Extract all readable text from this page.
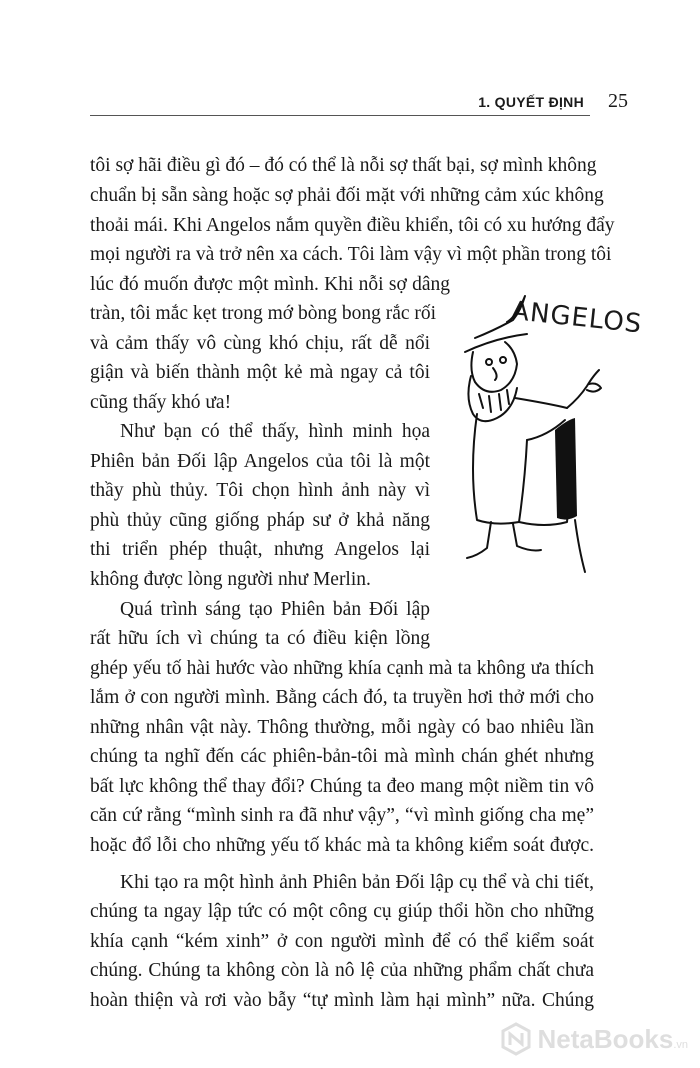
1. QUYẾT ĐỊNH 25
tôi sợ hãi điều gì đó – đó có thể là nỗi sợ thất bại, sợ mình không
chuẩn bị sẵn sàng hoặc sợ phải đối mặt với những cảm xúc không
thoải mái. Khi Angelos nắm quyền điều khiển, tôi có xu hướng đẩy
mọi người ra và trở nên xa cách. Tôi làm vậy vì một phần trong tôi
lúc đó muốn được một mình. Khi nỗi sợ dâng
tràn, tôi mắc kẹt trong mớ bòng bong rắc rối
và cảm thấy vô cùng khó chịu, rất dễ nổi
giận và biến thành một kẻ mà ngay cả tôi
cũng thấy khó ưa!
Như bạn có thể thấy, hình minh họa
Phiên bản Đối lập Angelos của tôi là một
thầy phù thủy. Tôi chọn hình ảnh này vì
phù thủy cũng giống pháp sư ở khả năng
thi triển phép thuật, nhưng Angelos lại
không được lòng người như Merlin.
Quá trình sáng tạo Phiên bản Đối lập
rất hữu ích vì chúng ta có điều kiện lồng
ghép yếu tố hài hước vào những khía cạnh mà ta không ưa thích
lắm ở con người mình. Bằng cách đó, ta truyền hơi thở mới cho
những nhân vật này. Thông thường, mỗi ngày có bao nhiêu lần
chúng ta nghĩ đến các phiên-bản-tôi mà mình chán ghét nhưng
bất lực không thể thay đổi? Chúng ta đeo mang một niềm tin vô
căn cứ rằng “mình sinh ra đã như vậy”, “vì mình giống cha mẹ”
hoặc đổ lỗi cho những yếu tố khác mà ta không kiểm soát được.
Khi tạo ra một hình ảnh Phiên bản Đối lập cụ thể và chi tiết,
chúng ta ngay lập tức có một công cụ giúp thổi hồn cho những
khía cạnh “kém xinh” ở con người mình để có thể kiểm soát
chúng. Chúng ta không còn là nô lệ của những phẩm chất chưa
hoàn thiện và rơi vào bẫy “tự mình làm hại mình” nữa. Chúng
ANGELOS
NetaBooks.vn
